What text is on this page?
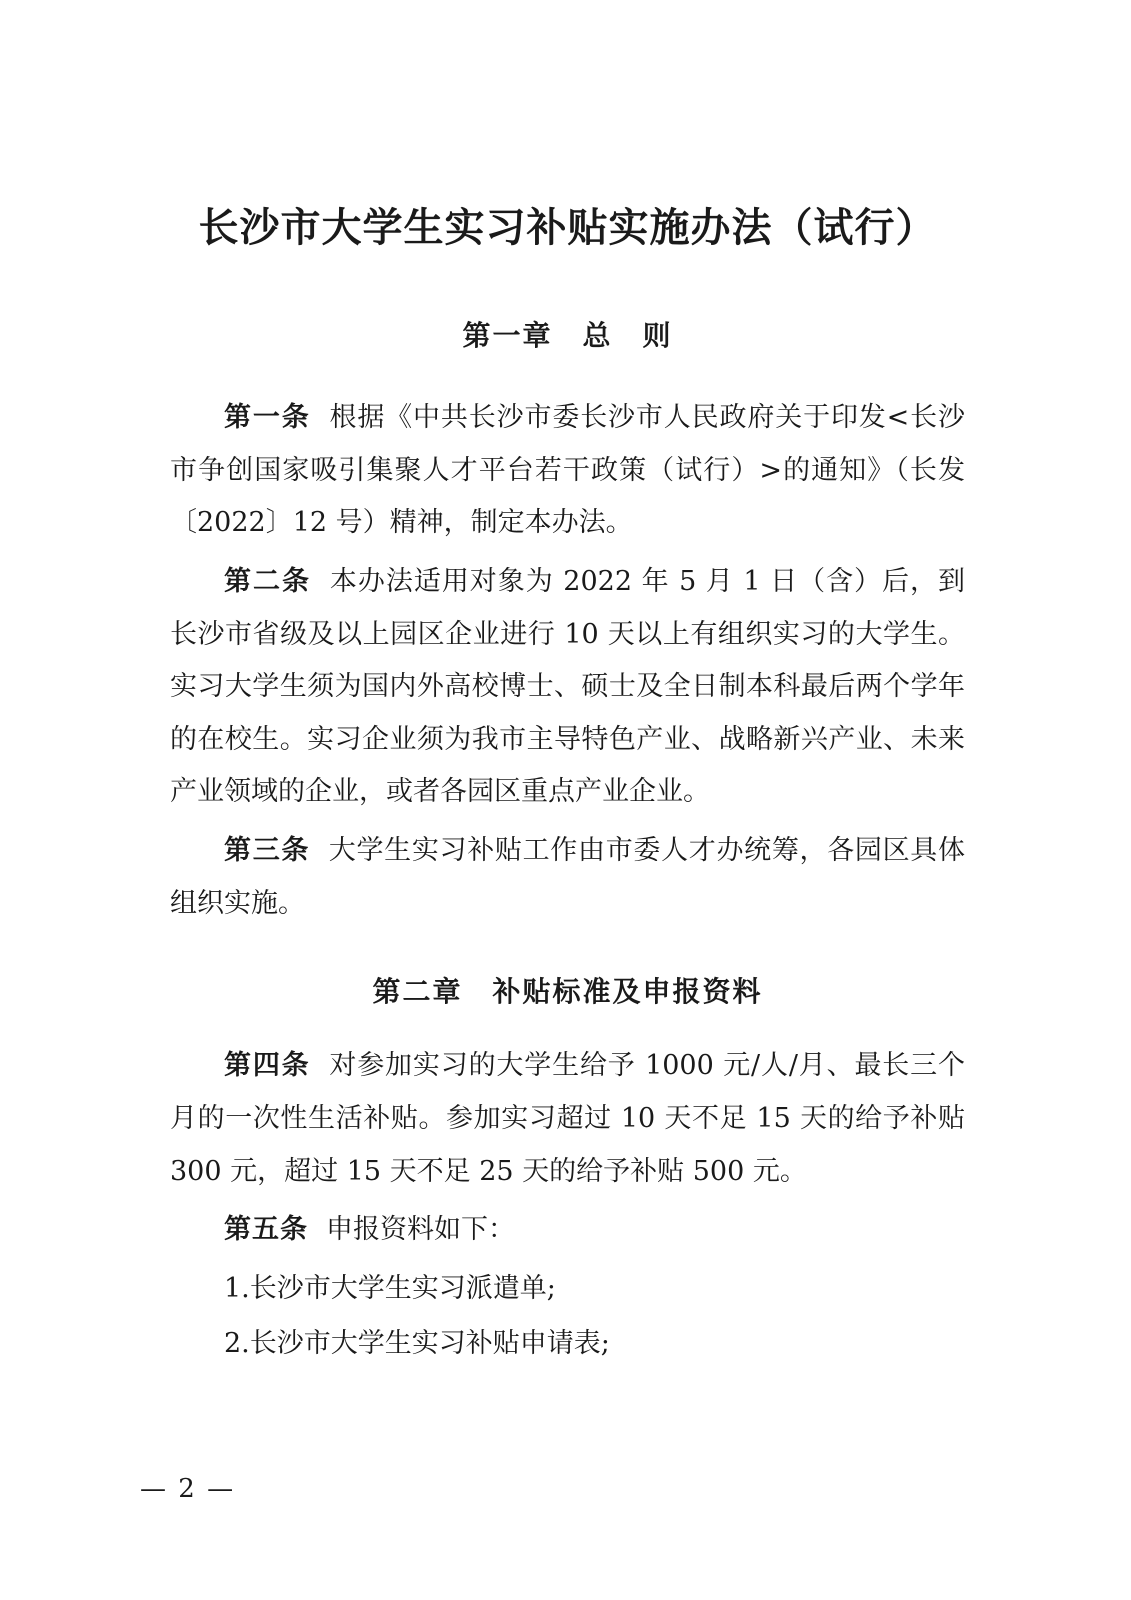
长沙市大学生实习补贴实施办法（试行）
第一章　总　则

第一条 根据《中共长沙市委长沙市人民政府关于印发<长沙市争创国家吸引集聚人才平台若干政策（试行）>的通知》（长发〔2022〕12 号）精神，制定本办法。

第二条 本办法适用对象为 2022 年 5 月 1 日（含）后，到长沙市省级及以上园区企业进行 10 天以上有组织实习的大学生。实习大学生须为国内外高校博士、硕士及全日制本科最后两个学年的在校生。实习企业须为我市主导特色产业、战略新兴产业、未来产业领域的企业，或者各园区重点产业企业。

第三条 大学生实习补贴工作由市委人才办统筹，各园区具体组织实施。

第二章　补贴标准及申报资料

第四条 对参加实习的大学生给予 1000 元/人/月、最长三个月的一次性生活补贴。参加实习超过 10 天不足 15 天的给予补贴 300 元，超过 15 天不足 25 天的给予补贴 500 元。

第五条 申报资料如下：

1.长沙市大学生实习派遣单;

2.长沙市大学生实习补贴申请表;

— 2 —
